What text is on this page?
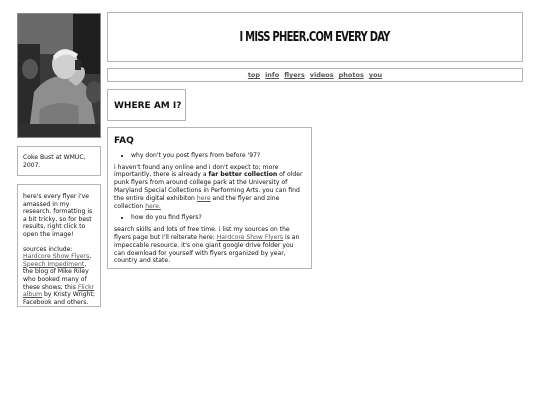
Coke Bust at WMUC, 2007.

here's every flyer i've amassed in my research. formatting is a bit tricky, so for best results, right click to open the image!

sources include: Hardcore Show Flyers, Speech Impediment, the blog of Mike Riley who booked many of these shows; this Flickr album by Kristy Wright; Facebook and others.

I MISS PHEER.COM EVERY DAY
top info flyers videos photos you
WHERE AM I?
FAQ
• why don't you post flyers from before '97?

i haven't found any online and i don't expect to; more importantly, there is already a far better collection of older punk flyers from around college park at the University of Maryland Special Collections in Performing Arts. you can find the entire digital exhibiton here and the flyer and zine collection here.

• how do you find flyers?

search skills and lots of free time. i list my sources on the flyers page but i'll reiterate here: Hardcore Show Flyers is an impeccable resource. it's one giant google drive folder you can download for yourself with flyers organized by year, country and state.
